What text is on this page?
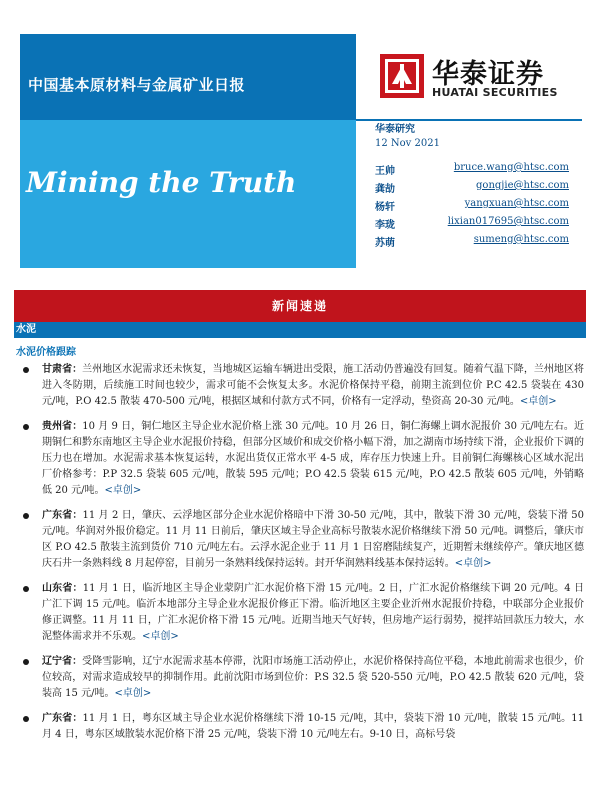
中国基本原材料与金属矿业日报	华泰证券
HUATAI SECURITIES
Mining the Truth
华泰研究
12 Nov 2021
王帅	bruce.wang@htsc.com
龚劼	gongjie@htsc.com
杨轩	yangxuan@htsc.com
李珑	lixian017695@htsc.com
苏萌	sumeng@htsc.com
新闻速递
水泥
水泥价格跟踪
甘肃省：兰州地区水泥需求还未恢复，当地城区运输车辆进出受限，施工活动仍普遍没有回复。随着气温下降，兰州地区将进入冬防期，后续施工时间也较少，需求可能不会恢复太多。水泥价格保持平稳，前期主流到位价 P.C 42.5 袋装在 430 元/吨，P.O 42.5 散装 470-500 元/吨，根据区域和付款方式不同，价格有一定浮动，垫资高 20-30 元/吨。<卓创>
贵州省：10 月 9 日，铜仁地区主导企业水泥价格上涨 30 元/吨。10 月 26 日，铜仁海螺上调水泥报价 30 元/吨左右。近期铜仁和黔东南地区主导企业水泥报价持稳，但部分区域价和成交价格小幅下滑，加之湖南市场持续下滑，企业报价下调的压力也在增加。水泥需求基本恢复运转，水泥出货仅正常水平 4-5 成，库存压力快速上升。目前铜仁海螺核心区域水泥出厂价格参考：P.P 32.5 袋装 605 元/吨，散装 595 元/吨；P.O 42.5 袋装 615 元/吨，P.O 42.5 散装 605 元/吨，外销略低 20 元/吨。<卓创>
广东省：11 月 2 日，肇庆、云浮地区部分企业水泥价格暗中下滑 30-50 元/吨，其中，散装下滑 30 元/吨，袋装下滑 50 元/吨。华润对外报价稳定。11 月 11 日前后，肇庆区域主导企业高标号散装水泥价格继续下滑 50 元/吨。调整后，肇庆市区 P.O 42.5 散装主流到货价 710 元/吨左右。云浮水泥企业于 11 月 1 日窑磨陆续复产，近期暂未继续停产。肇庆地区德庆石井一条熟料线 8 月起停窑，目前另一条熟料线保持运转。封开华润熟料线基本保持运转。<卓创>
山东省：11 月 1 日，临沂地区主导企业蒙阴广汇水泥价格下滑 15 元/吨。2 日，广汇水泥价格继续下调 20 元/吨。4 日广汇下调 15 元/吨。临沂本地部分主导企业水泥报价修正下滑。临沂地区主要企业沂州水泥报价持稳，中联部分企业报价修正调整。11 月 11 日，广汇水泥价格下滑 15 元/吨。近期当地天气好转，但房地产运行弱势，搅拌站回款压力较大，水泥整体需求并不乐观。<卓创>
辽宁省：受降雪影响，辽宁水泥需求基本停滞，沈阳市场施工活动停止，水泥价格保持高位平稳，本地此前需求也很少，价位较高，对需求造成较早的抑制作用。此前沈阳市场到位价：P.S 32.5 袋 520-550 元/吨，P.O 42.5 散装 620 元/吨，袋装高 15 元/吨。<卓创>
广东省：11 月 1 日，粤东区域主导企业水泥价格继续下滑 10-15 元/吨，其中，袋装下滑 10 元/吨，散装 15 元/吨。11 月 4 日，粤东区域散装水泥价格下滑 25 元/吨，袋装下滑 10 元/吨左右。9-10 日，高标号袋
